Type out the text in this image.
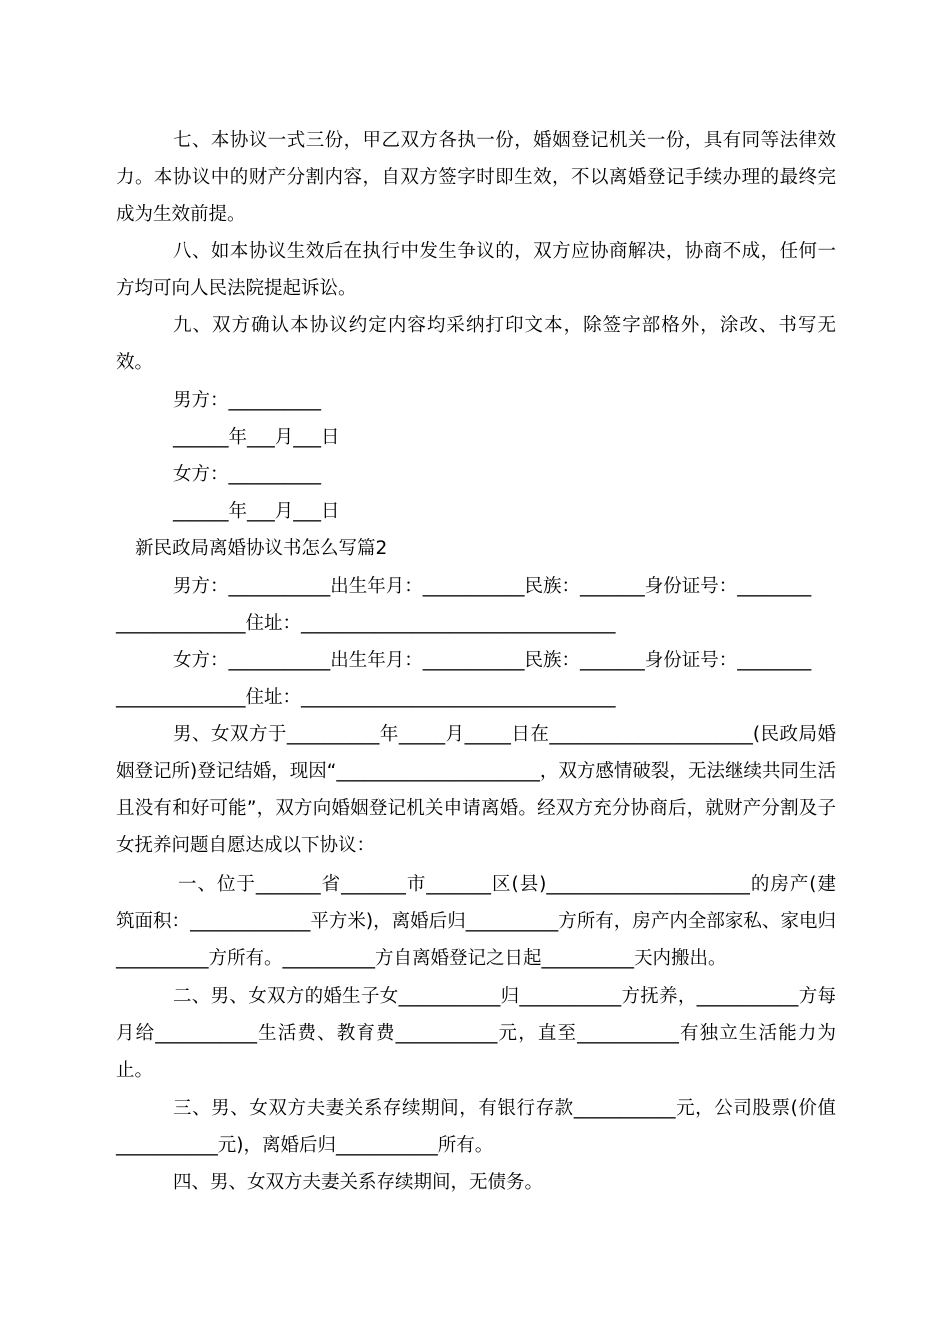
七、本协议一式三份，甲乙双方各执一份，婚姻登记机关一份，具有同等法律效力。本协议中的财产分割内容，自双方签字时即生效，不以离婚登记手续办理的最终完成为生效前提。

八、如本协议生效后在执行中发生争议的，双方应协商解决，协商不成，任何一方均可向人民法院提起诉讼。

九、双方确认本协议约定内容均采纳打印文本，除签字部格外，涂改、书写无效。

男方：__________
______年___月___日
女方：__________
______年___月___日
新民政局离婚协议书怎么写篇2
男方：___________出生年月：___________民族：_______身份证号：________
______________住址：__________________________________
女方：___________出生年月：___________民族：_______身份证号：________
______________住址：__________________________________

男、女双方于__________年_____月_____日在______________________(民政局婚姻登记所)登记结婚，现因“______________________，双方感情破裂，无法继续共同生活且没有和好可能”，双方向婚姻登记机关申请离婚。经双方充分协商后，就财产分割及子女抚养问题自愿达成以下协议：

一、位于_______省_______市_______区(县)______________________的房产(建筑面积：_____________平方米)，离婚后归__________方所有，房产内全部家私、家电归__________方所有。__________方自离婚登记之日起__________天内搬出。

二、男、女双方的婚生子女___________归___________方抚养，___________方每月给___________生活费、教育费___________元，直至___________有独立生活能力为止。

三、男、女双方夫妻关系存续期间，有银行存款___________元，公司股票(价值___________元)，离婚后归___________所有。

四、男、女双方夫妻关系存续期间，无债务。
